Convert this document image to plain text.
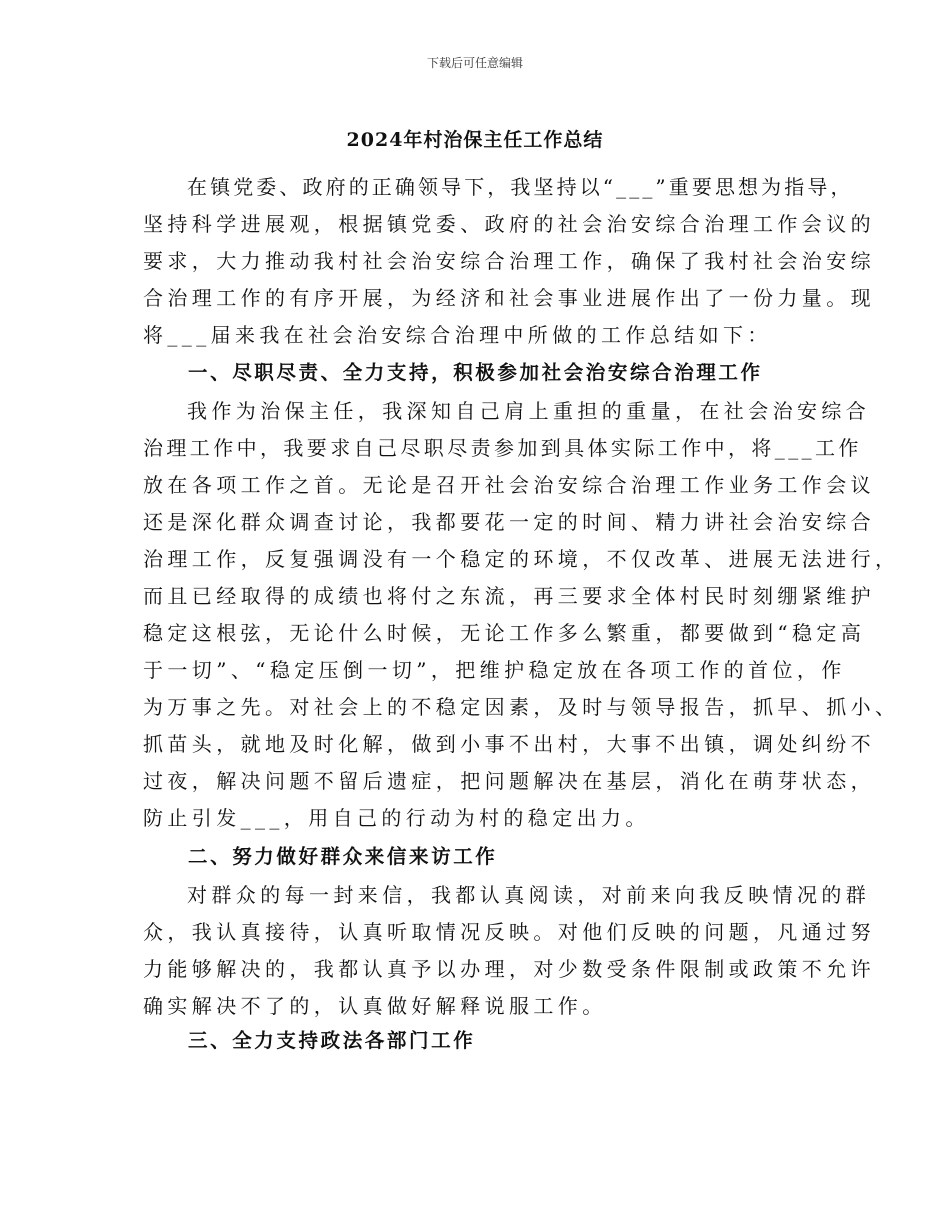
下载后可任意编辑
2024年村治保主任工作总结
在镇党委、政府的正确领导下，我坚持以“___”重要思想为指导，
坚持科学进展观，根据镇党委、政府的社会治安综合治理工作会议的
要求，大力推动我村社会治安综合治理工作，确保了我村社会治安综
合治理工作的有序开展，为经济和社会事业进展作出了一份力量。现
将___届来我在社会治安综合治理中所做的工作总结如下：
一、尽职尽责、全力支持，积极参加社会治安综合治理工作
我作为治保主任，我深知自己肩上重担的重量，在社会治安综合
治理工作中，我要求自己尽职尽责参加到具体实际工作中，将___工作
放在各项工作之首。无论是召开社会治安综合治理工作业务工作会议
还是深化群众调查讨论，我都要花一定的时间、精力讲社会治安综合
治理工作，反复强调没有一个稳定的环境，不仅改革、进展无法进行，
而且已经取得的成绩也将付之东流，再三要求全体村民时刻绷紧维护
稳定这根弦，无论什么时候，无论工作多么繁重，都要做到“稳定高
于一切”、“稳定压倒一切”，把维护稳定放在各项工作的首位，作
为万事之先。对社会上的不稳定因素，及时与领导报告，抓早、抓小、
抓苗头，就地及时化解，做到小事不出村，大事不出镇，调处纠纷不
过夜，解决问题不留后遗症，把问题解决在基层，消化在萌芽状态，
防止引发___，用自己的行动为村的稳定出力。
二、努力做好群众来信来访工作
对群众的每一封来信，我都认真阅读，对前来向我反映情况的群
众，我认真接待，认真听取情况反映。对他们反映的问题，凡通过努
力能够解决的，我都认真予以办理，对少数受条件限制或政策不允许
确实解决不了的，认真做好解释说服工作。
三、全力支持政法各部门工作
